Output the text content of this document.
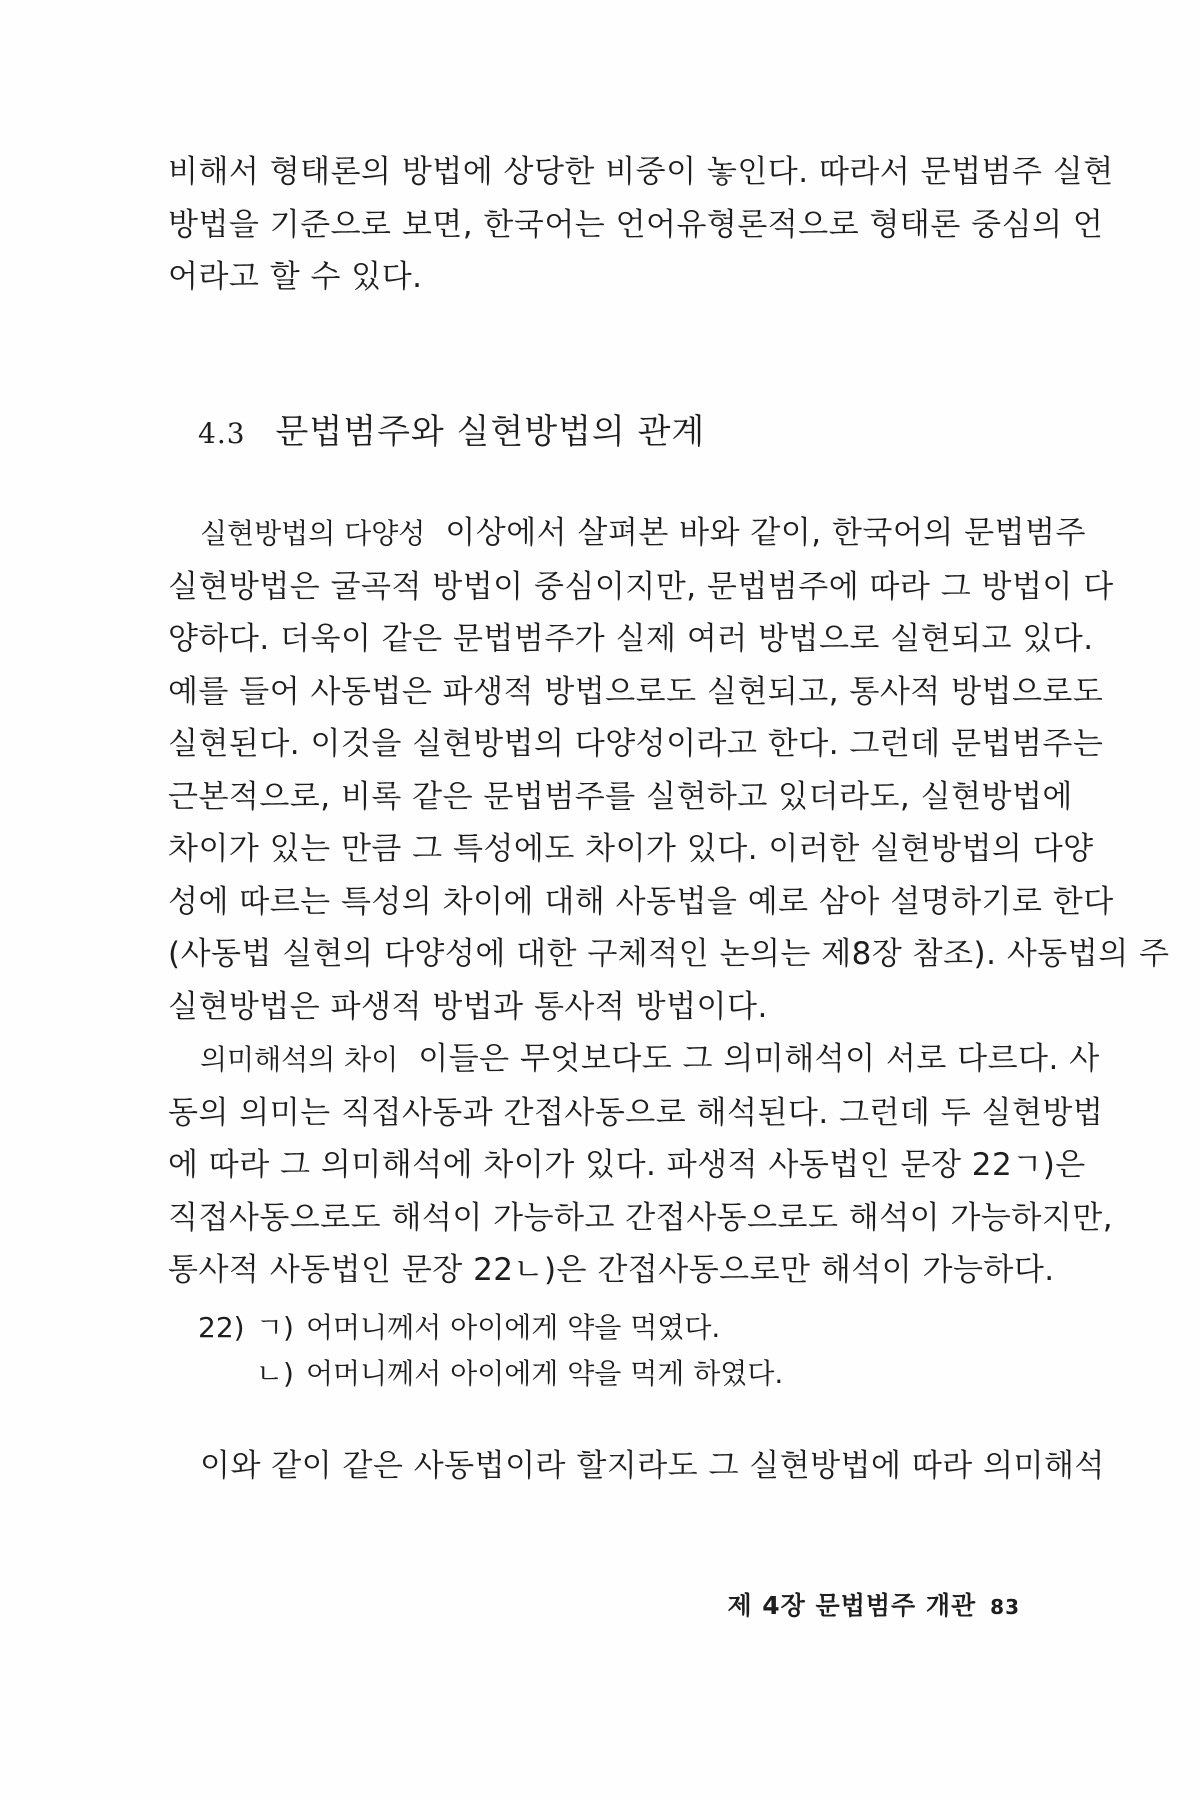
비해서 형태론의 방법에 상당한 비중이 놓인다. 따라서 문법범주 실현
방법을 기준으로 보면, 한국어는 언어유형론적으로 형태론 중심의 언
어라고 할 수 있다.
4.3 문법범주와 실현방법의 관계
실현방법의 다양성 이상에서 살펴본 바와 같이, 한국어의 문법범주
실현방법은 굴곡적 방법이 중심이지만, 문법범주에 따라 그 방법이 다
양하다. 더욱이 같은 문법범주가 실제 여러 방법으로 실현되고 있다.
예를 들어 사동법은 파생적 방법으로도 실현되고, 통사적 방법으로도
실현된다. 이것을 실현방법의 다양성이라고 한다. 그런데 문법범주는
근본적으로, 비록 같은 문법범주를 실현하고 있더라도, 실현방법에
차이가 있는 만큼 그 특성에도 차이가 있다. 이러한 실현방법의 다양
성에 따르는 특성의 차이에 대해 사동법을 예로 삼아 설명하기로 한다
(사동법 실현의 다양성에 대한 구체적인 논의는 제8장 참조). 사동법의 주
실현방법은 파생적 방법과 통사적 방법이다.
의미해석의 차이 이들은 무엇보다도 그 의미해석이 서로 다르다. 사
동의 의미는 직접사동과 간접사동으로 해석된다. 그런데 두 실현방법
에 따라 그 의미해석에 차이가 있다. 파생적 사동법인 문장 22ㄱ)은
직접사동으로도 해석이 가능하고 간접사동으로도 해석이 가능하지만,
통사적 사동법인 문장 22ㄴ)은 간접사동으로만 해석이 가능하다.
22) ㄱ) 어머니께서 아이에게 약을 먹였다.
ㄴ) 어머니께서 아이에게 약을 먹게 하였다.
이와 같이 같은 사동법이라 할지라도 그 실현방법에 따라 의미해석
제 4장 문법범주 개관 83
